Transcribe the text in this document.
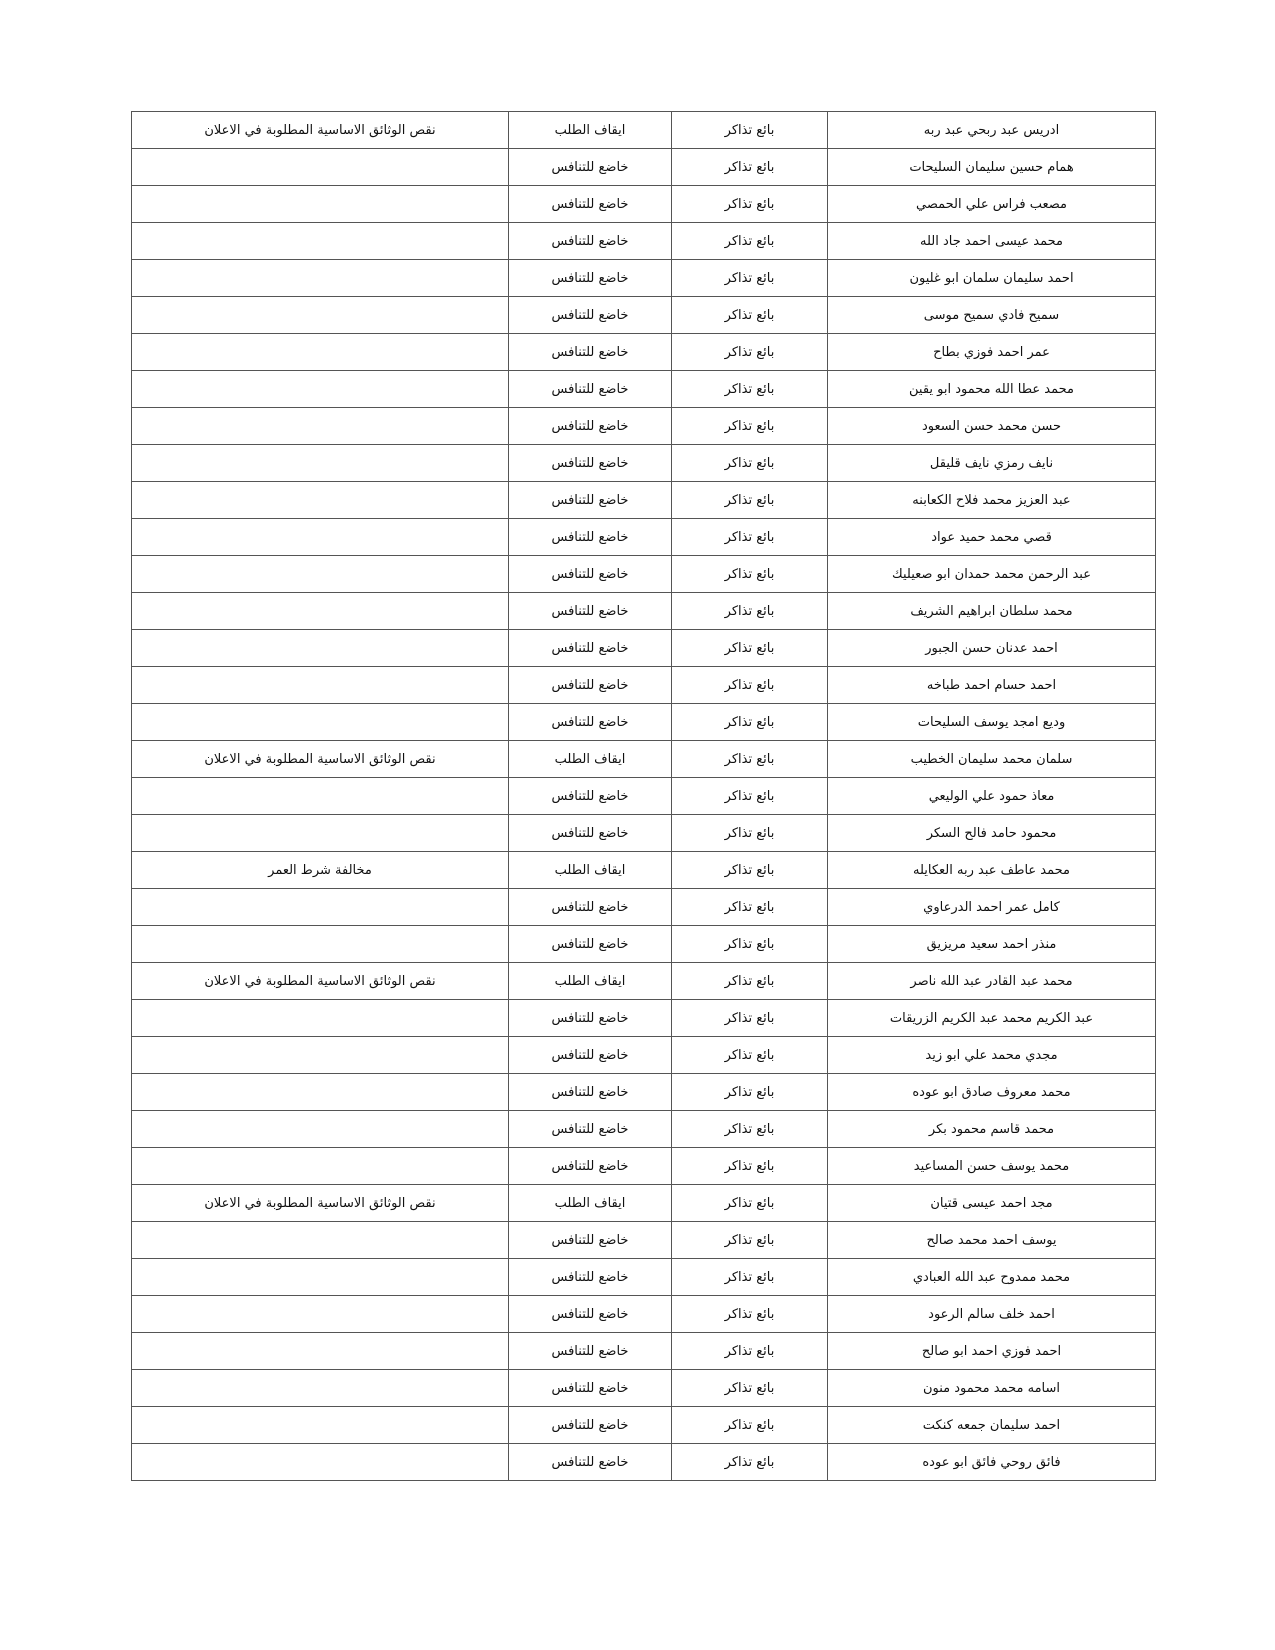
ادريس عبد ربحي عبد ربه	بائع تذاكر	ايقاف الطلب	نقص الوثائق الاساسية المطلوبة في الاعلان
همام حسين سليمان السليحات	بائع تذاكر	خاضع للتنافس	
مصعب فراس علي الحمصي	بائع تذاكر	خاضع للتنافس	
محمد عيسى احمد جاد الله	بائع تذاكر	خاضع للتنافس	
احمد سليمان سلمان ابو غليون	بائع تذاكر	خاضع للتنافس	
سميح فادي سميح موسى	بائع تذاكر	خاضع للتنافس	
عمر احمد فوزي بطاح	بائع تذاكر	خاضع للتنافس	
محمد عطا الله محمود ابو يقين	بائع تذاكر	خاضع للتنافس	
حسن محمد حسن السعود	بائع تذاكر	خاضع للتنافس	
نايف رمزي نايف قليقل	بائع تذاكر	خاضع للتنافس	
عبد العزيز محمد فلاح الكعابنه	بائع تذاكر	خاضع للتنافس	
قصي محمد حميد عواد	بائع تذاكر	خاضع للتنافس	
عبد الرحمن محمد حمدان ابو صعيليك	بائع تذاكر	خاضع للتنافس	
محمد سلطان ابراهيم الشريف	بائع تذاكر	خاضع للتنافس	
احمد عدنان حسن الجبور	بائع تذاكر	خاضع للتنافس	
احمد حسام احمد طباخه	بائع تذاكر	خاضع للتنافس	
وديع امجد يوسف السليحات	بائع تذاكر	خاضع للتنافس	
سلمان محمد سليمان الخطيب	بائع تذاكر	ايقاف الطلب	نقص الوثائق الاساسية المطلوبة في الاعلان
معاذ حمود علي الوليعي	بائع تذاكر	خاضع للتنافس	
محمود حامد فالح السكر	بائع تذاكر	خاضع للتنافس	
محمد عاطف عبد ربه العكايله	بائع تذاكر	ايقاف الطلب	مخالفة شرط العمر
كامل عمر احمد الدرعاوي	بائع تذاكر	خاضع للتنافس	
منذر احمد سعيد مريزيق	بائع تذاكر	خاضع للتنافس	
محمد عبد القادر عبد الله ناصر	بائع تذاكر	ايقاف الطلب	نقص الوثائق الاساسية المطلوبة في الاعلان
عبد الكريم محمد عبد الكريم الزريقات	بائع تذاكر	خاضع للتنافس	
مجدي محمد علي ابو زيد	بائع تذاكر	خاضع للتنافس	
محمد معروف صادق ابو عوده	بائع تذاكر	خاضع للتنافس	
محمد قاسم محمود بكر	بائع تذاكر	خاضع للتنافس	
محمد يوسف حسن المساعيد	بائع تذاكر	خاضع للتنافس	
مجد احمد عيسى قتيان	بائع تذاكر	ايقاف الطلب	نقص الوثائق الاساسية المطلوبة في الاعلان
يوسف احمد محمد صالح	بائع تذاكر	خاضع للتنافس	
محمد ممدوح عبد الله العبادي	بائع تذاكر	خاضع للتنافس	
احمد خلف سالم الرعود	بائع تذاكر	خاضع للتنافس	
احمد فوزي احمد ابو صالح	بائع تذاكر	خاضع للتنافس	
اسامه محمد محمود منون	بائع تذاكر	خاضع للتنافس	
احمد سليمان جمعه كنكت	بائع تذاكر	خاضع للتنافس	
فائق روحي فائق ابو عوده	بائع تذاكر	خاضع للتنافس	
